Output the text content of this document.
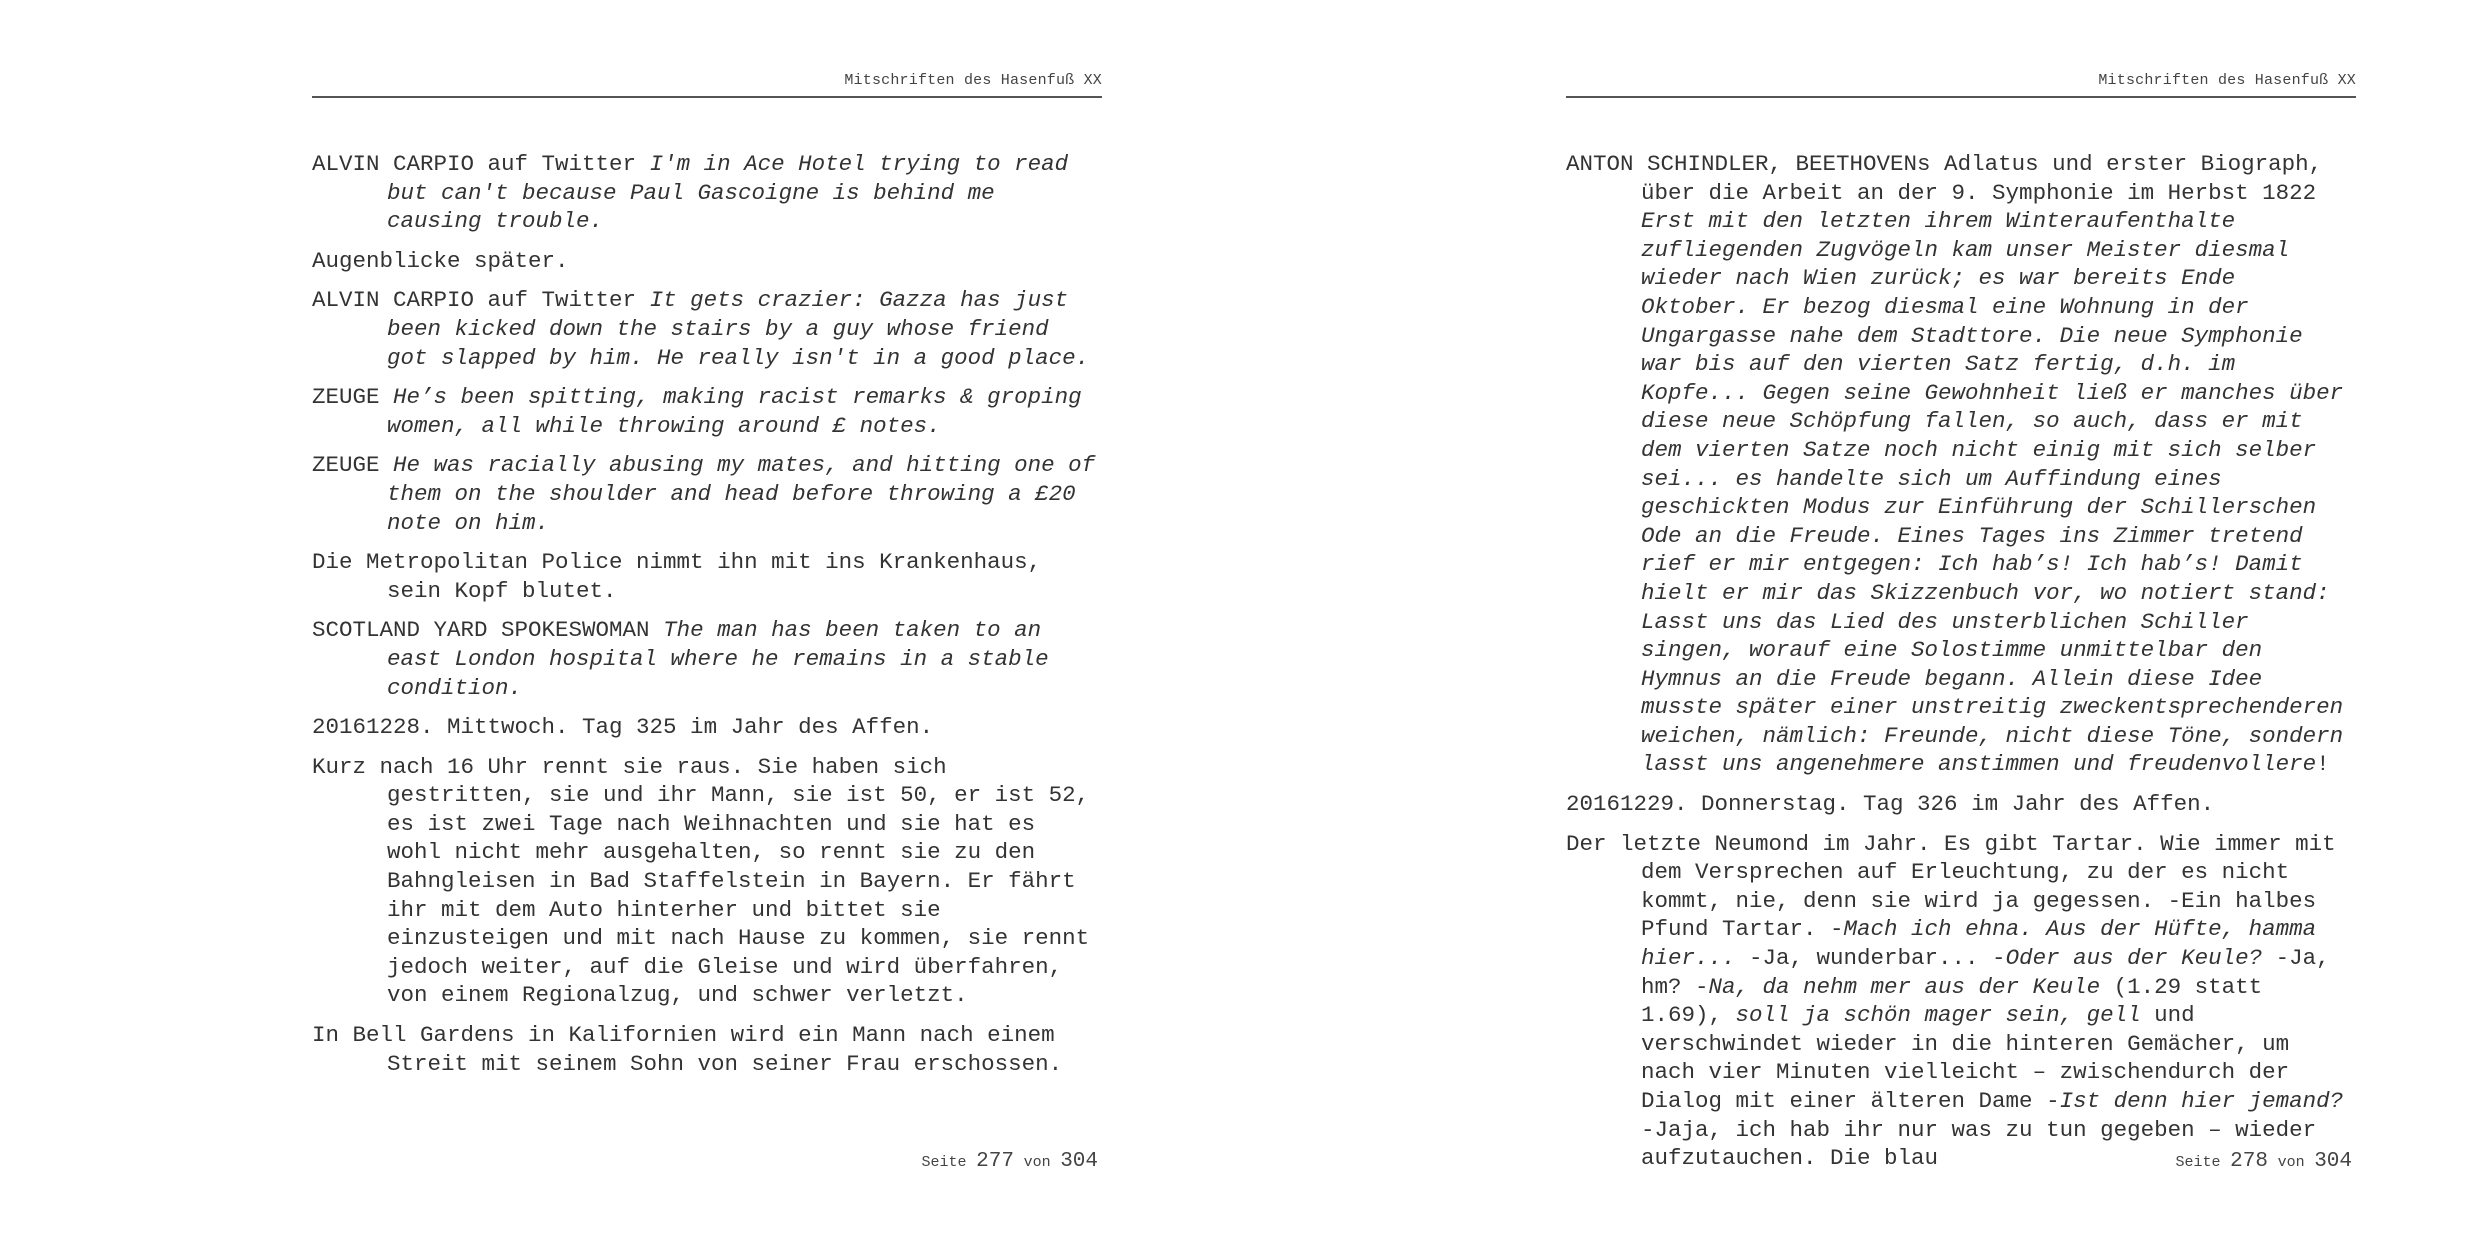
Mitschriften des Hasenfuß XX

ALVIN CARPIO auf Twitter I'm in Ace Hotel trying to read but can't because Paul Gascoigne is behind me causing trouble.

Augenblicke später.

ALVIN CARPIO auf Twitter It gets crazier: Gazza has just been kicked down the stairs by a guy whose friend got slapped by him. He really isn't in a good place.

ZEUGE He’s been spitting, making racist remarks & groping women, all while throwing around £ notes.

ZEUGE He was racially abusing my mates, and hitting one of them on the shoulder and head before throwing a £20 note on him.

Die Metropolitan Police nimmt ihn mit ins Krankenhaus, sein Kopf blutet.

SCOTLAND YARD SPOKESWOMAN The man has been taken to an east London hospital where he remains in a stable condition.

20161228. Mittwoch. Tag 325 im Jahr des Affen.

Kurz nach 16 Uhr rennt sie raus. Sie haben sich gestritten, sie und ihr Mann, sie ist 50, er ist 52, es ist zwei Tage nach Weihnachten und sie hat es wohl nicht mehr ausgehalten, so rennt sie zu den Bahngleisen in Bad Staffelstein in Bayern. Er fährt ihr mit dem Auto hinterher und bittet sie einzusteigen und mit nach Hause zu kommen, sie rennt jedoch weiter, auf die Gleise und wird überfahren, von einem Regionalzug, und schwer verletzt.

In Bell Gardens in Kalifornien wird ein Mann nach einem Streit mit seinem Sohn von seiner Frau erschossen.

Seite 277 von 304
Mitschriften des Hasenfuß XX

ANTON SCHINDLER, BEETHOVENs Adlatus und erster Biograph, über die Arbeit an der 9. Symphonie im Herbst 1822 Erst mit den letzten ihrem Winteraufenthalte zufliegenden Zugvögeln kam unser Meister diesmal wieder nach Wien zurück; es war bereits Ende Oktober. Er bezog diesmal eine Wohnung in der Ungargasse nahe dem Stadttore. Die neue Symphonie war bis auf den vierten Satz fertig, d.h. im Kopfe... Gegen seine Gewohnheit ließ er manches über diese neue Schöpfung fallen, so auch, dass er mit dem vierten Satze noch nicht einig mit sich selber sei... es handelte sich um Auffindung eines geschickten Modus zur Einführung der Schillerschen Ode an die Freude. Eines Tages ins Zimmer tretend rief er mir entgegen: Ich hab’s! Ich hab’s! Damit hielt er mir das Skizzenbuch vor, wo notiert stand: Lasst uns das Lied des unsterblichen Schiller singen, worauf eine Solostimme unmittelbar den Hymnus an die Freude begann. Allein diese Idee musste später einer unstreitig zweckentsprechenderen weichen, nämlich: Freunde, nicht diese Töne, sondern lasst uns angenehmere anstimmen und freudenvollere!

20161229. Donnerstag. Tag 326 im Jahr des Affen.

Der letzte Neumond im Jahr. Es gibt Tartar. Wie immer mit dem Versprechen auf Erleuchtung, zu der es nicht kommt, nie, denn sie wird ja gegessen. -Ein halbes Pfund Tartar. -Mach ich ehna. Aus der Hüfte, hamma hier... -Ja, wunderbar... -Oder aus der Keule? -Ja, hm? -Na, da nehm mer aus der Keule (1.29 statt 1.69), soll ja schön mager sein, gell und verschwindet wieder in die hinteren Gemächer, um nach vier Minuten vielleicht – zwischendurch der Dialog mit einer älteren Dame -Ist denn hier jemand? -Jaja, ich hab ihr nur was zu tun gegeben – wieder aufzutauchen. Die blau	Seite 278 von 304
